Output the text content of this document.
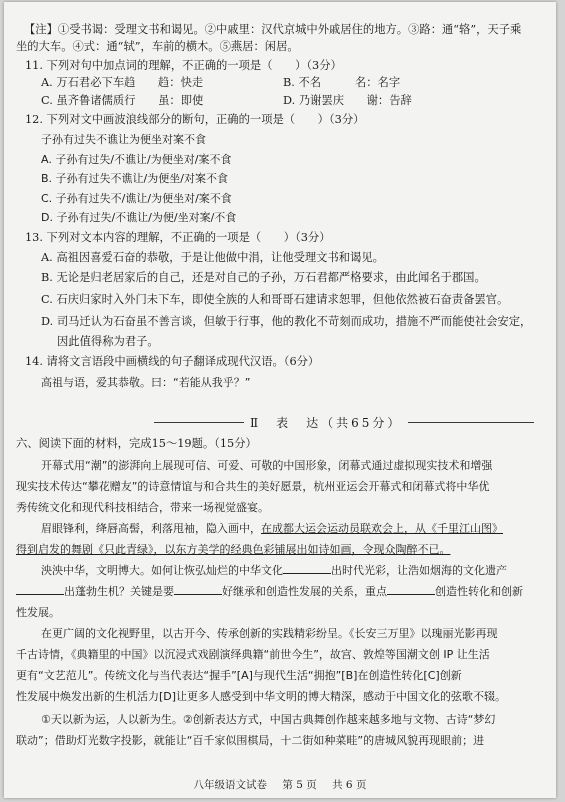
【注】①受书谒：受理文书和谒见。②中戚里：汉代京城中外戚居住的地方。③路：通“辂”，天子乘
坐的大车。④式：通“轼”，车前的横木。⑤燕居：闲居。
11. 下列对句中加点词的理解，不正确的一项是（　　）（3分）
A. 万石君必下车趋　　趋：快走	B. 不名　　　名：名字
C. 虽齐鲁诸儒质行　　虽：即使	D. 乃谢罢庆　　谢：告辞
12. 下列对文中画波浪线部分的断句，正确的一项是（　　）（3分）
子孙有过失不谯让为便坐对案不食
A. 子孙有过失/不谯让/为便坐对/案不食
B. 子孙有过失不谯让/为便坐/对案不食
C. 子孙有过失不/谯让/为便坐对/案不食
D. 子孙有过失/不谯让/为便/坐对案/不食
13. 下列对文本内容的理解，不正确的一项是（　　）（3分）
A. 高祖因喜爱石奋的恭敬，于是让他做中涓，让他受理文书和谒见。
B. 无论是归老居家后的自己，还是对自己的子孙，万石君都严格要求，由此闻名于郡国。
C. 石庆归家时入外门未下车，即使全族的人和哥哥石建请求恕罪，但他依然被石奋责备罢官。
D. 司马迁认为石奋虽不善言谈，但敏于行事，他的教化不苛刻而成功，措施不严而能使社会安定，
因此值得称为君子。
14. 请将文言语段中画横线的句子翻译成现代汉语。（6分）
高祖与语，爱其恭敬。曰：“若能从我乎？”
Ⅱ　表　达（共65分）
六、阅读下面的材料，完成15～19题。（15分）
开幕式用“潮”的澎湃向上展现可信、可爱、可敬的中国形象，闭幕式通过虚拟现实技术和增强
现实技术传达“攀花赠友”的诗意情谊与和合共生的美好愿景，杭州亚运会开幕式和闭幕式将中华优
秀传统文化和现代科技相结合，带来一场视觉盛宴。
眉眼锋利，绛唇高髻，利落甩袖，隐入画中，在成都大运会运动员联欢会上，从《千里江山图》
得到启发的舞剧《只此青绿》，以东方美学的经典色彩铺展出如诗如画，令现众陶醉不已。
泱泱中华，文明博大。如何让恢弘灿烂的中华文化	出时代光彩，让浩如烟海的文化遗产
出蓬勃生机？关键是要	好继承和创造性发展的关系，重点	创造性转化和创新
性发展。
在更广阔的文化视野里，以古开今、传承创新的实践精彩纷呈。《长安三万里》以瑰丽光影再现
千古诗情，《典籍里的中国》以沉浸式戏剧演绎典籍“前世今生”，故宫、敦煌等国潮文创 IP 让生活
更有“文艺范儿”。传统文化与当代表达“握手”[A]与现代生活“拥抱”[B]在创造性转化[C]创新
性发展中焕发出新的生机活力[D]让更多人感受到中华文明的博大精深，感动于中国文化的弦歌不辍。
①天以新为运，人以新为生。②创新表达方式，中国古典舞创作越来越多地与文物、古诗“梦幻
联动”；借助灯光数字投影，就能让“百千家似围棋局，十二街如种菜畦”的唐城风貌再现眼前；进
八年级语文试卷 第 5 页 共 6 页
